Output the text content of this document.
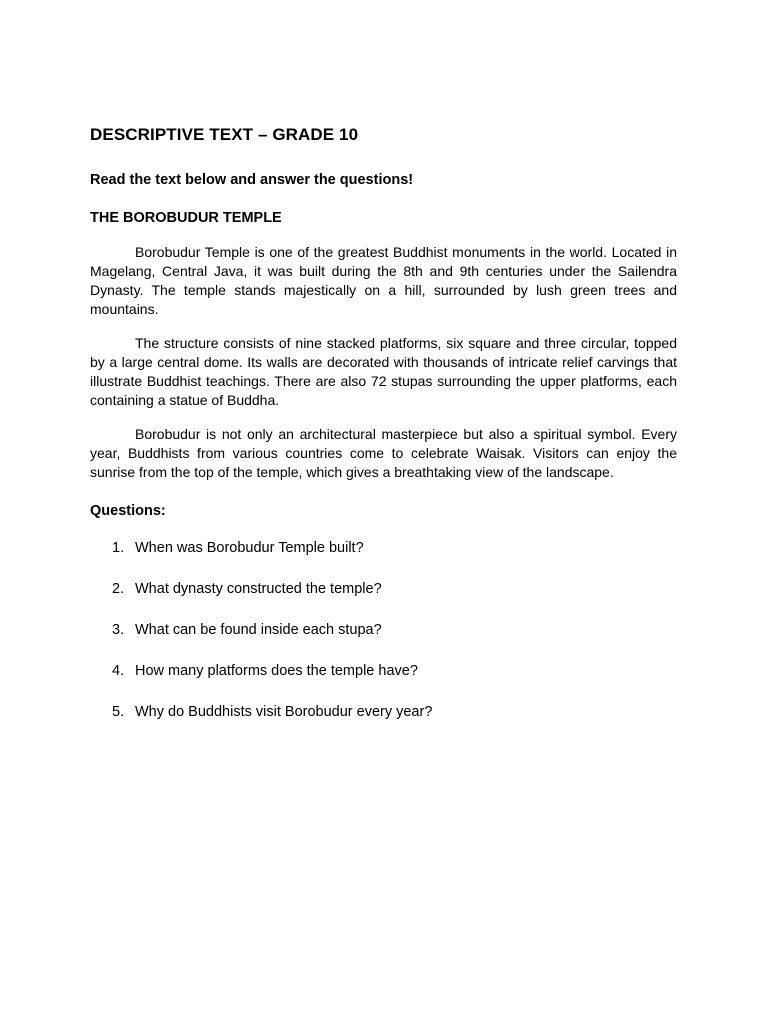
DESCRIPTIVE TEXT – GRADE 10

Read the text below and answer the questions!

THE BOROBUDUR TEMPLE

Borobudur Temple is one of the greatest Buddhist monuments in the world. Located in Magelang, Central Java, it was built during the 8th and 9th centuries under the Sailendra Dynasty. The temple stands majestically on a hill, surrounded by lush green trees and mountains.

The structure consists of nine stacked platforms, six square and three circular, topped by a large central dome. Its walls are decorated with thousands of intricate relief carvings that illustrate Buddhist teachings. There are also 72 stupas surrounding the upper platforms, each containing a statue of Buddha.

Borobudur is not only an architectural masterpiece but also a spiritual symbol. Every year, Buddhists from various countries come to celebrate Waisak. Visitors can enjoy the sunrise from the top of the temple, which gives a breathtaking view of the landscape.

Questions:
1. When was Borobudur Temple built?
2. What dynasty constructed the temple?
3. What can be found inside each stupa?
4. How many platforms does the temple have?
5. Why do Buddhists visit Borobudur every year?
